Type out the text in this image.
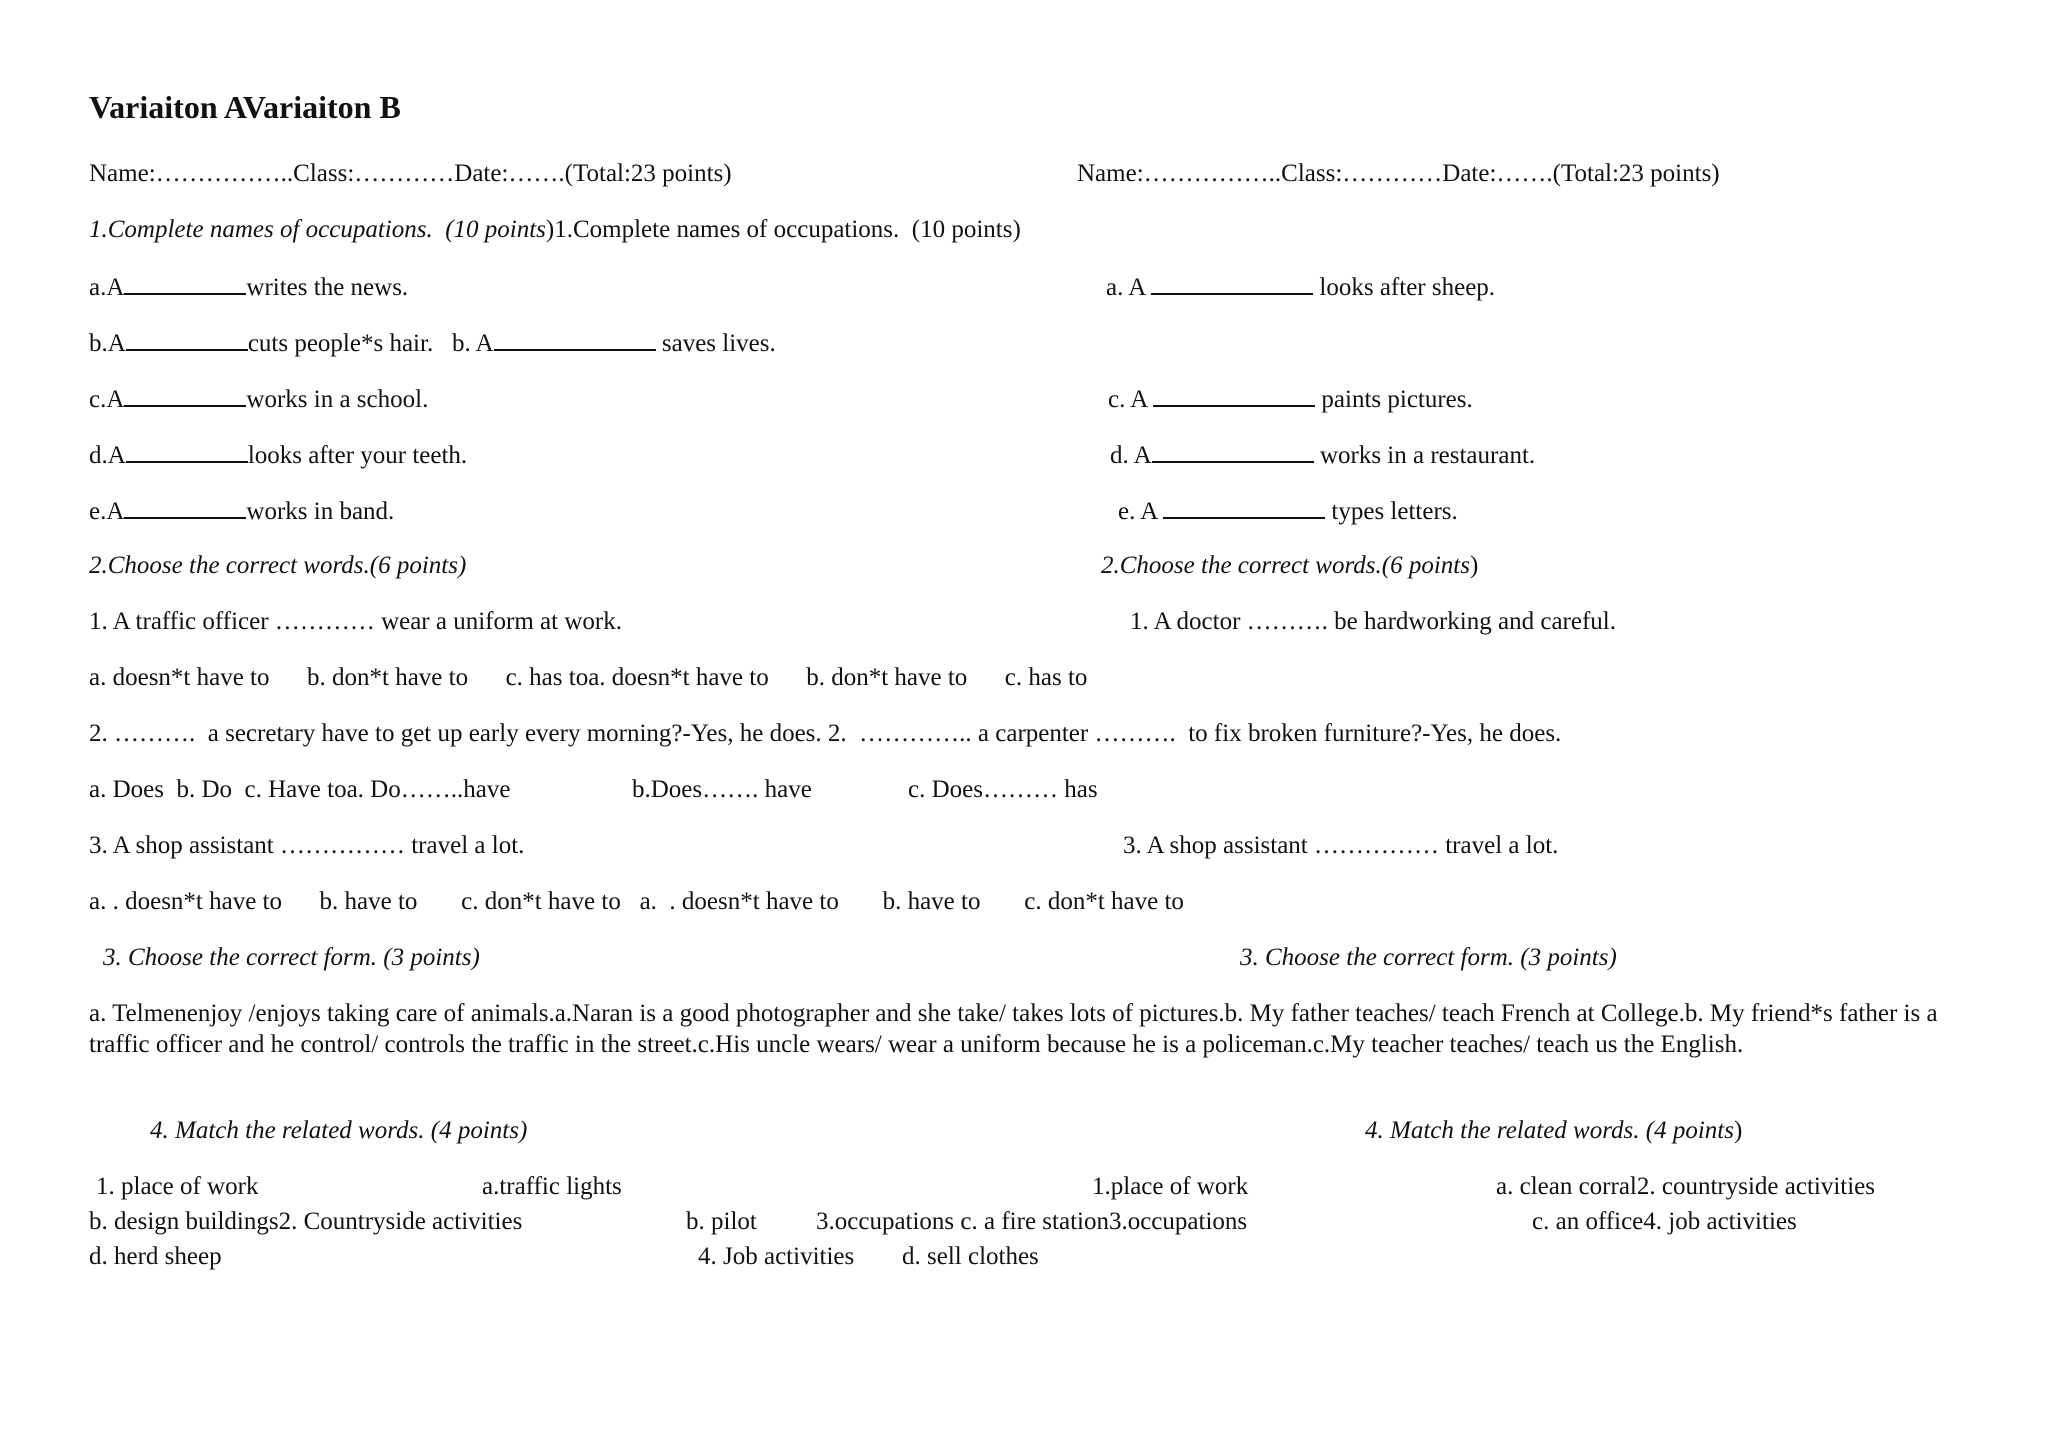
Variaiton AVariaiton B
Name:……………..Class:…………Date:…….(Total:23 points)	Name:……………..Class:…………Date:…….(Total:23 points)
1.Complete names of occupations.  (10 points)1.Complete names of occupations.  (10 points)
a.A	writes the news.	a. A	looks after sheep.
b.A	cuts people*s hair.   b. A	saves lives.
c.A	works in a school.	c. A	paints pictures.
d.A	looks after your teeth.	d. A	works in a restaurant.
e.A	works in band.	e. A	types letters.
2.Choose the correct words.(6 points)	2.Choose the correct words.(6 points)
1. A traffic officer ………… wear a uniform at work.	1. A doctor ………. be hardworking and careful.
a. doesn*t have to      b. don*t have to      c. has toa. doesn*t have to      b. don*t have to      c. has to
2. ……….  a secretary have to get up early every morning?-Yes, he does. 2.  ………….. a carpenter ……….  to fix broken furniture?-Yes, he does.
a. Does  b. Do  c. Have toa. Do……..have	b.Does……. have	c. Does……… has
3. A shop assistant …………… travel a lot.	3. A shop assistant …………… travel a lot.
a. . doesn*t have to      b. have to       c. don*t have to   a.  . doesn*t have to       b. have to       c. don*t have to
3. Choose the correct form. (3 points)	3. Choose the correct form. (3 points)
a. Telmenenjoy /enjoys taking care of animals.a.Naran is a good photographer and she take/ takes lots of pictures.b. My father teaches/ teach French at College.b. My friend*s father is a traffic officer and he control/ controls the traffic in the street.c.His uncle wears/ wear a uniform because he is a policeman.c.My teacher teaches/ teach us the English.
4. Match the related words. (4 points)	4. Match the related words. (4 points)
1. place of work	a.traffic lights	1.place of work	a. clean corral2. countryside activities
b. design buildings2. Countryside activities	b. pilot 3.occupations c. a fire station3.occupations	c. an office4. job activities
d. herd sheep	4. Job activities d. sell clothes
